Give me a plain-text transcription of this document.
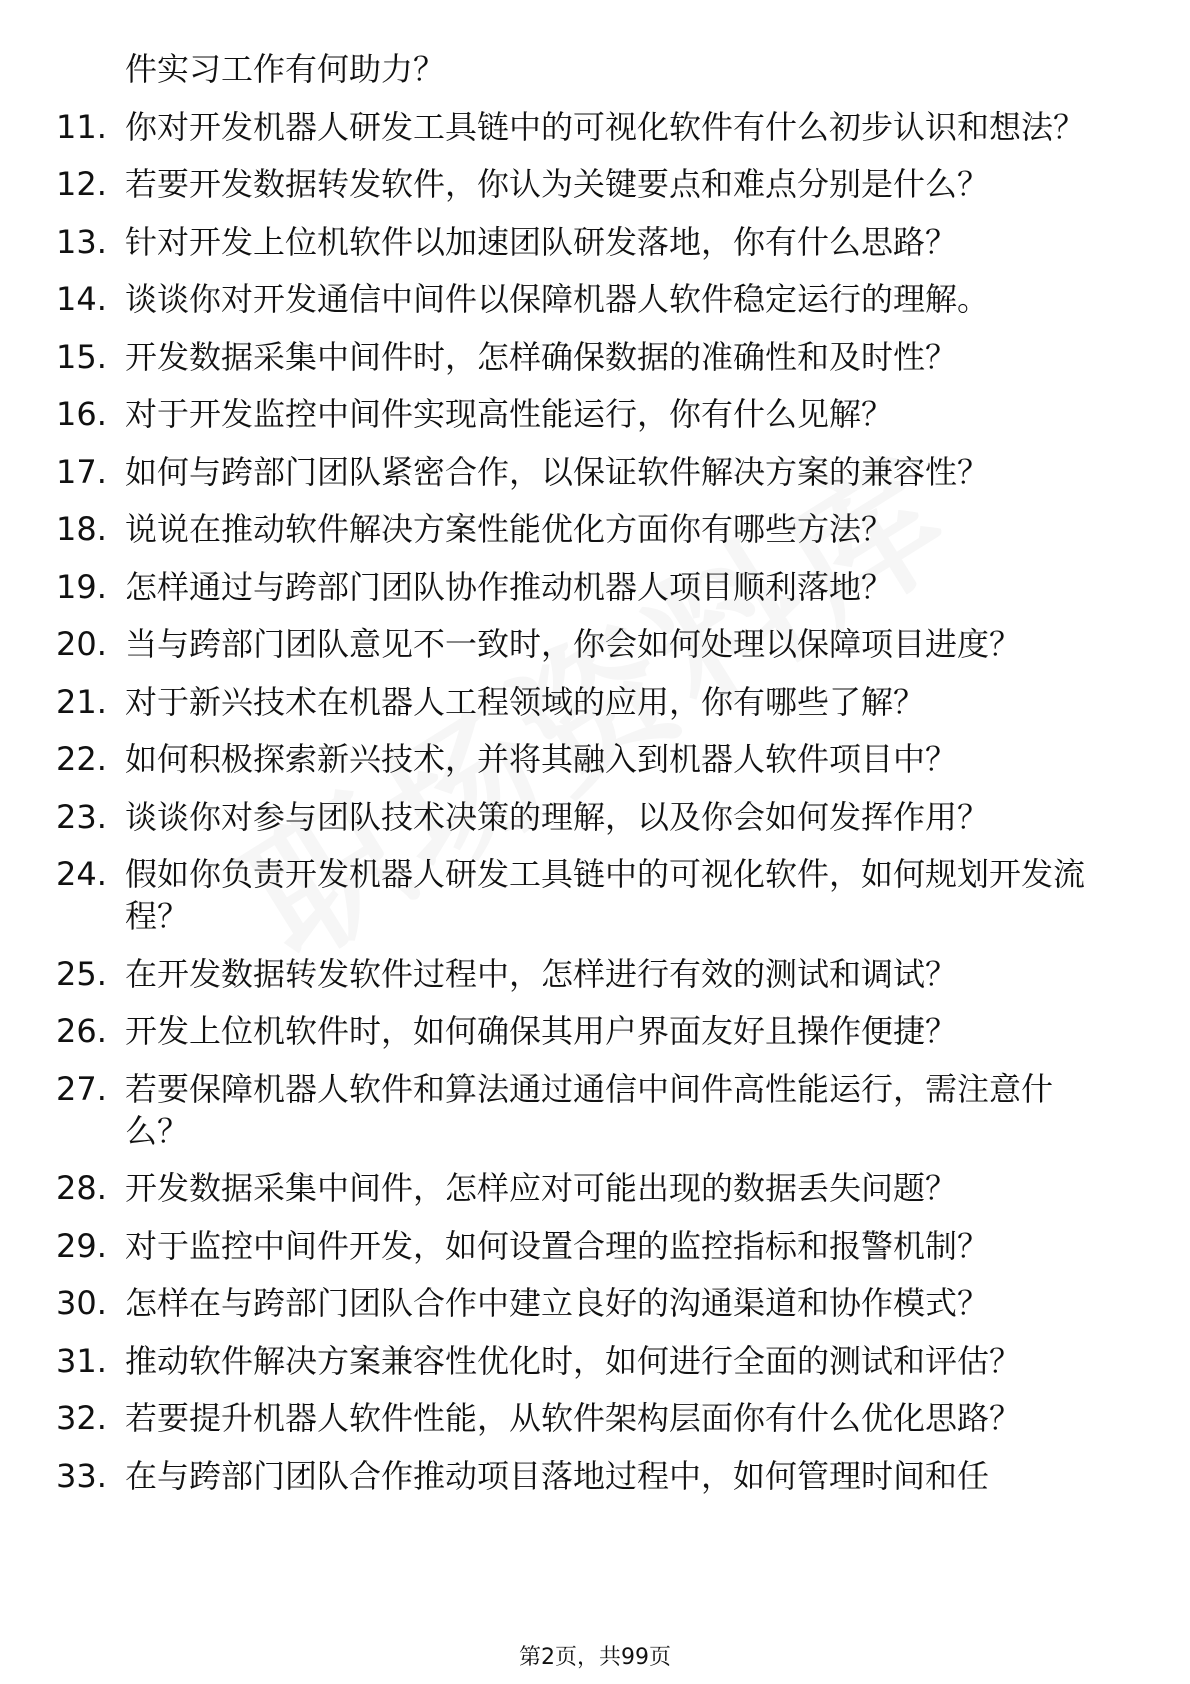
件实习工作有何助力？
11. 你对开发机器人研发工具链中的可视化软件有什么初步认识和想法？
12. 若要开发数据转发软件，你认为关键要点和难点分别是什么？
13. 针对开发上位机软件以加速团队研发落地，你有什么思路？
14. 谈谈你对开发通信中间件以保障机器人软件稳定运行的理解。
15. 开发数据采集中间件时，怎样确保数据的准确性和及时性？
16. 对于开发监控中间件实现高性能运行，你有什么见解？
17. 如何与跨部门团队紧密合作，以保证软件解决方案的兼容性？
18. 说说在推动软件解决方案性能优化方面你有哪些方法？
19. 怎样通过与跨部门团队协作推动机器人项目顺利落地？
20. 当与跨部门团队意见不一致时，你会如何处理以保障项目进度？
21. 对于新兴技术在机器人工程领域的应用，你有哪些了解？
22. 如何积极探索新兴技术，并将其融入到机器人软件项目中？
23. 谈谈你对参与团队技术决策的理解，以及你会如何发挥作用？
24. 假如你负责开发机器人研发工具链中的可视化软件，如何规划开发流程？
25. 在开发数据转发软件过程中，怎样进行有效的测试和调试？
26. 开发上位机软件时，如何确保其用户界面友好且操作便捷？
27. 若要保障机器人软件和算法通过通信中间件高性能运行，需注意什么？
28. 开发数据采集中间件，怎样应对可能出现的数据丢失问题？
29. 对于监控中间件开发，如何设置合理的监控指标和报警机制？
30. 怎样在与跨部门团队合作中建立良好的沟通渠道和协作模式？
31. 推动软件解决方案兼容性优化时，如何进行全面的测试和评估？
32. 若要提升机器人软件性能，从软件架构层面你有什么优化思路？
33. 在与跨部门团队合作推动项目落地过程中，如何管理时间和任
第2页，共99页
